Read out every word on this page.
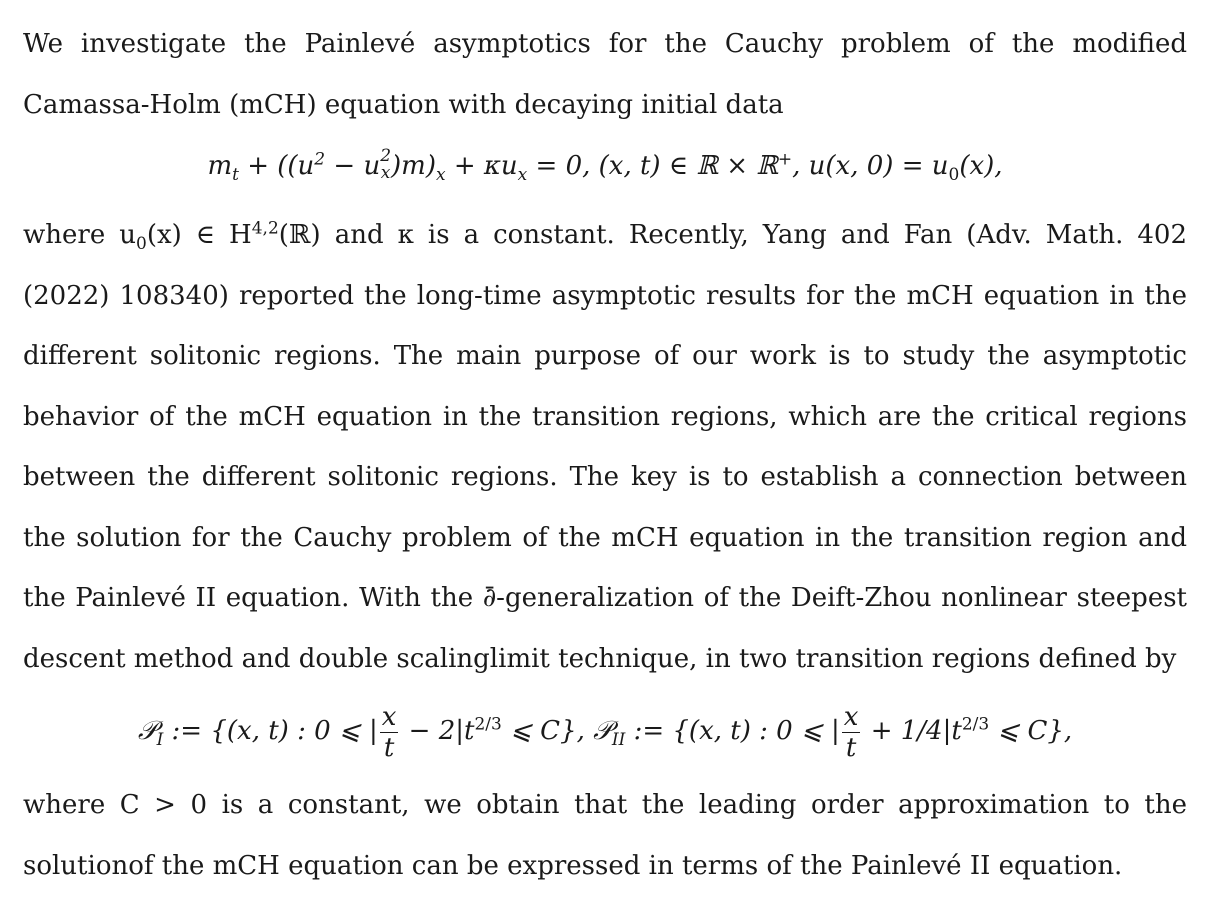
We investigate the Painlevé asymptotics for the Cauchy problem of the modified Camassa-Holm (mCH) equation with decaying initial data

$m_t + ((u^2 - u$ 2
x )$m)_x + \kappa u_x = 0$, (x, t) ∈ ℝ × ℝ+, u(x, $0) = u_0(x)$,

where $u_0(x)$ ∈ H$^{4,2}$(ℝ) and κ is a constant. Recently, Yang and Fan (Adv. Math. 402 (2022) 108340) reported the long-time asymptotic results for the mCH equation in the different solitonic regions. The main purpose of our work is to study the asymptotic behavior of the mCH equation in the transition regions, which are the critical regions between the different solitonic regions. The key is to establish a connection between the solution for the Cauchy problem of the mCH equation in the transition region and the Painlevé II equation. With the ∂̄-generalization of the Deift-Zhou nonlinear steepest descent method and double scalinglimit technique, in two transition regions defined by

𝒫$_I$ := {(x, t) : 0 ⩽ | $\frac{x}{t} - 2|t^{2/3}$ ⩽ C}, 𝒫$_{II}$ := {(x, t) : 0 ⩽ | $\frac{x}{t} + 1/4|t^{2/3}$ ⩽ C},

where C > 0 is a constant, we obtain that the leading order approximation to the solutionof the mCH equation can be expressed in terms of the Painlevé II equation.
